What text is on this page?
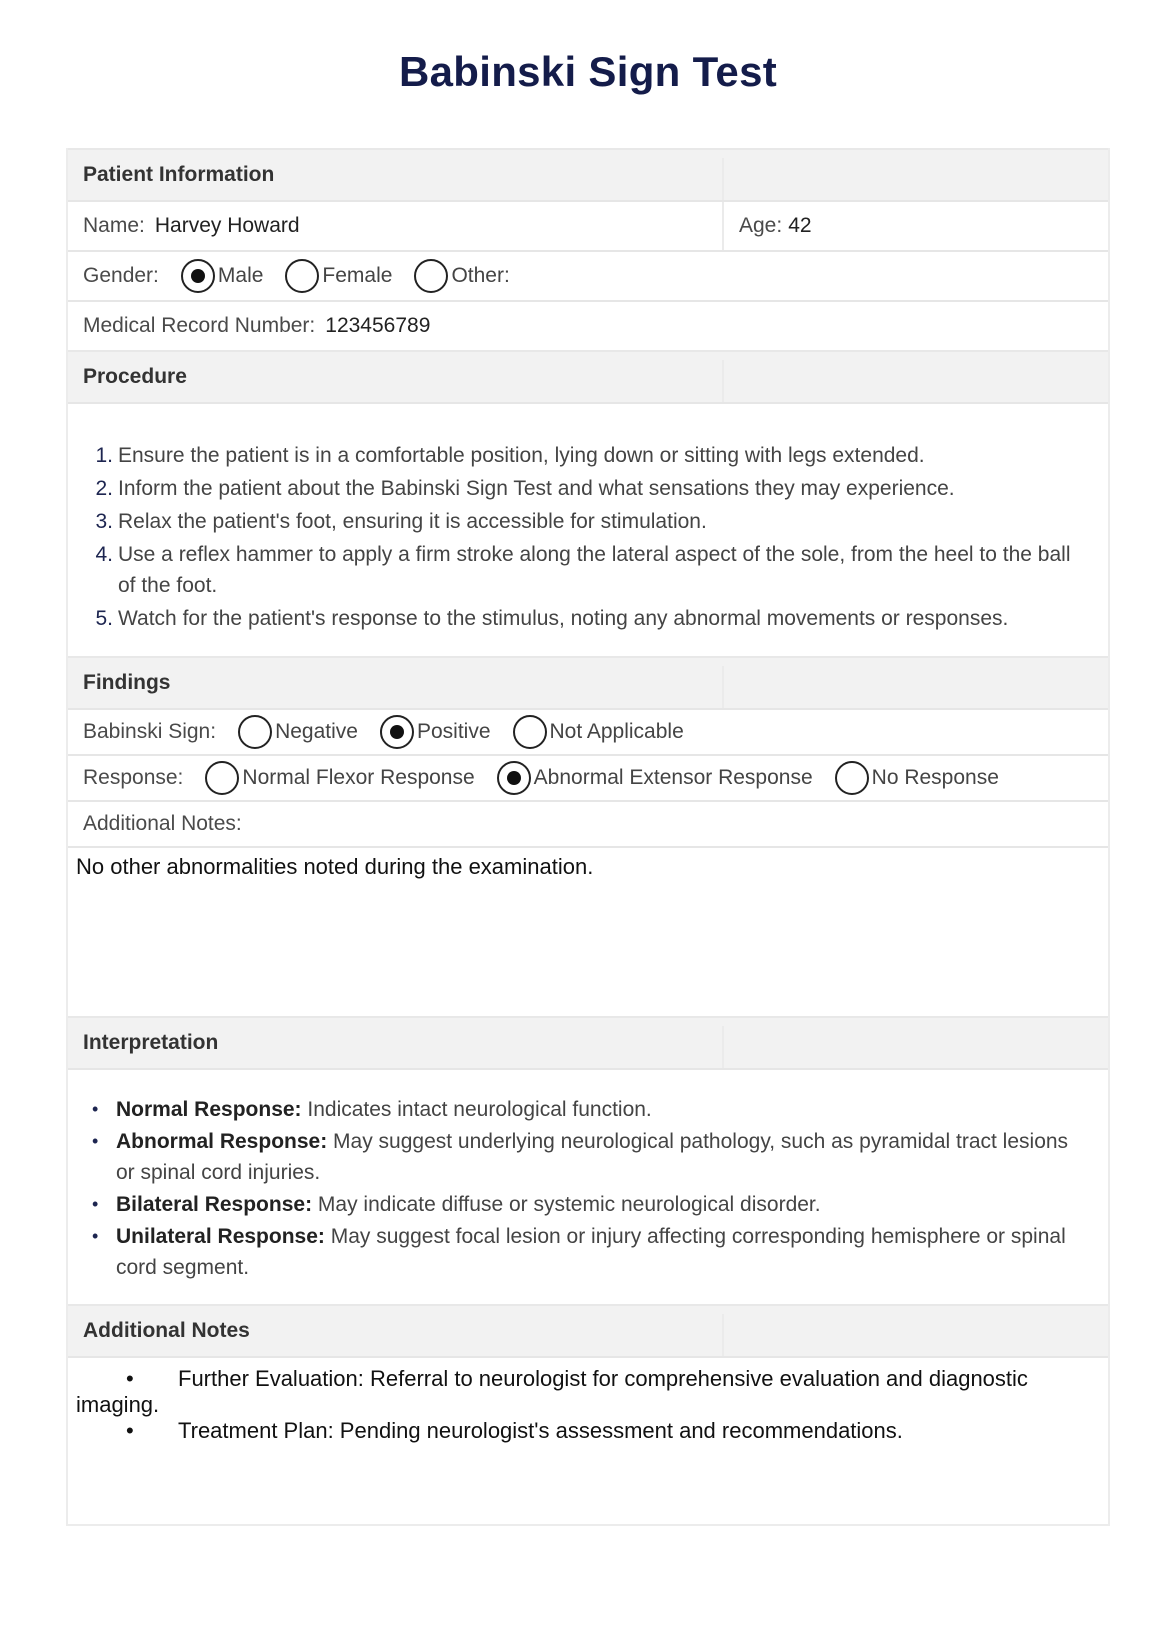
Babinski Sign Test
Patient Information
Name: Harvey Howard	Age: 42
Gender:	Male	Female	Other:
Medical Record Number: 123456789
Procedure
1. Ensure the patient is in a comfortable position, lying down or sitting with legs extended.
2. Inform the patient about the Babinski Sign Test and what sensations they may experience.
3. Relax the patient's foot, ensuring it is accessible for stimulation.
4. Use a reflex hammer to apply a firm stroke along the lateral aspect of the sole, from the heel to the ball of the foot.
5. Watch for the patient's response to the stimulus, noting any abnormal movements or responses.
Findings
Babinski Sign:	Negative	Positive	Not Applicable
Response:	Normal Flexor Response	Abnormal Extensor Response	No Response
Additional Notes:
No other abnormalities noted during the examination.
Interpretation
• Normal Response: Indicates intact neurological function.
• Abnormal Response: May suggest underlying neurological pathology, such as pyramidal tract lesions or spinal cord injuries.
• Bilateral Response: May indicate diffuse or systemic neurological disorder.
• Unilateral Response: May suggest focal lesion or injury affecting corresponding hemisphere or spinal cord segment.
Additional Notes
• Further Evaluation: Referral to neurologist for comprehensive evaluation and diagnostic imaging.
• Treatment Plan: Pending neurologist's assessment and recommendations.
